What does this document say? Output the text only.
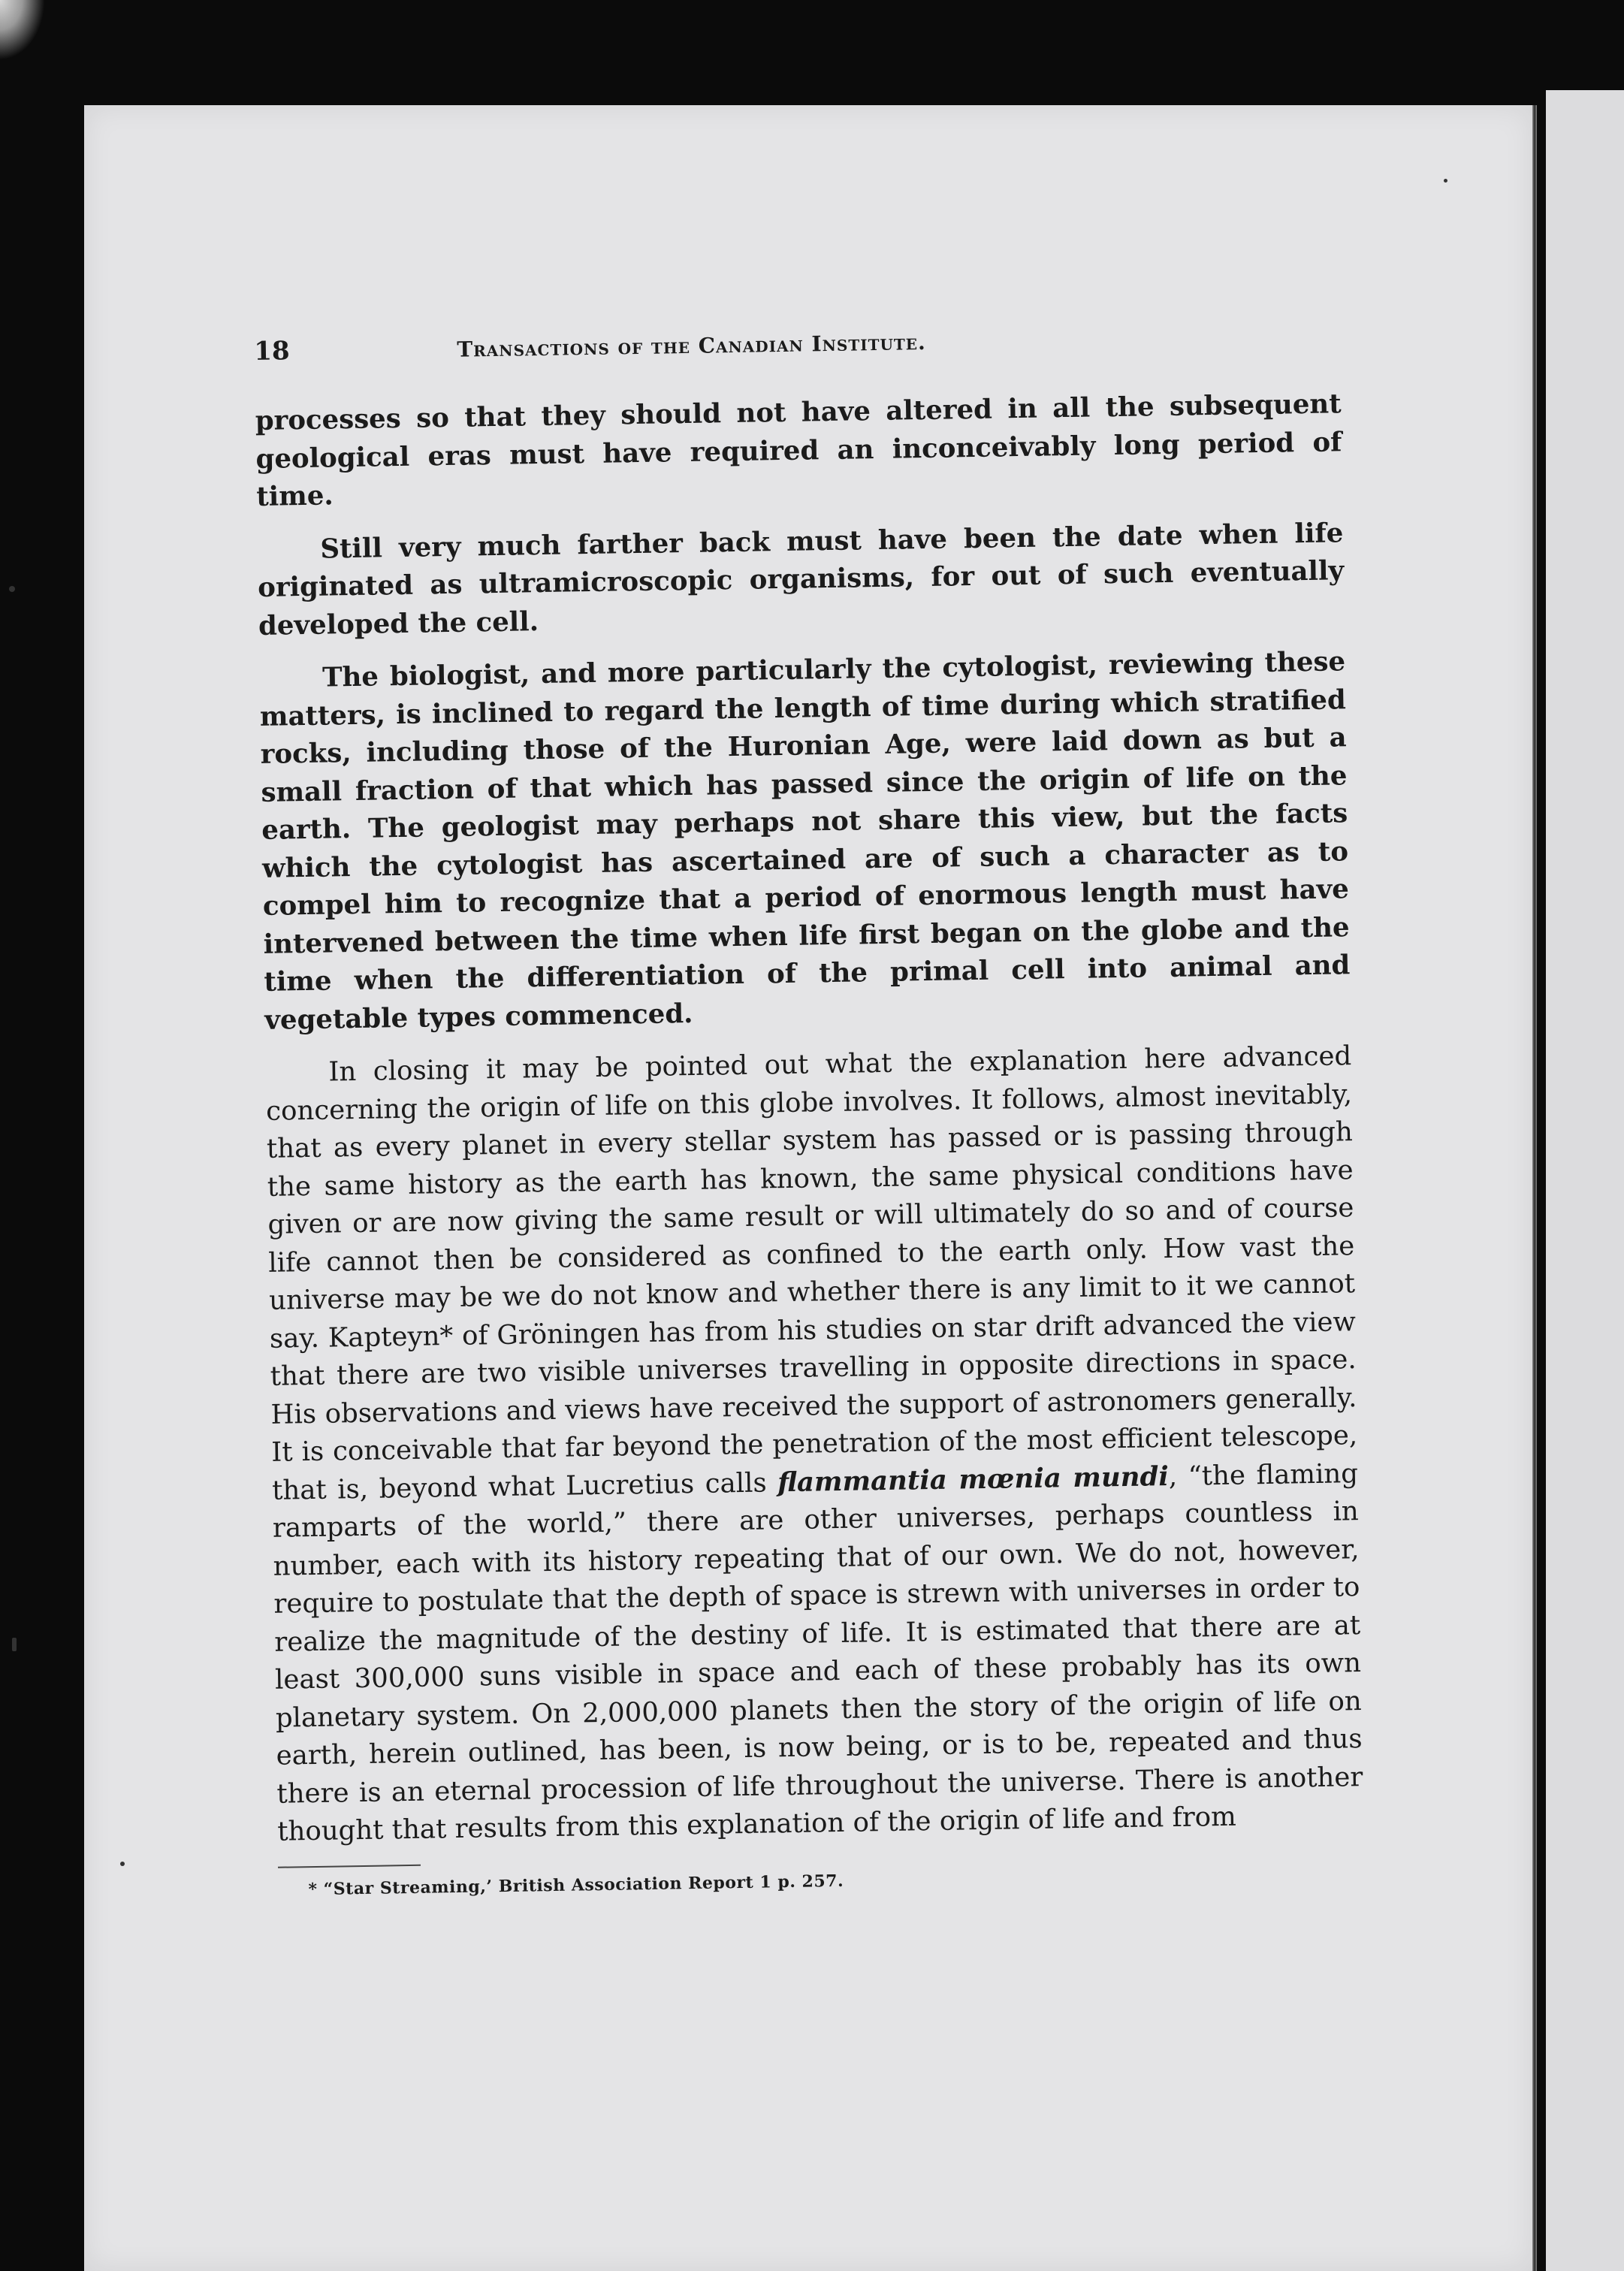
18	Transactions of the Canadian Institute.

processes so that they should not have altered in all the subsequent geological eras must have required an inconceivably long period of time.

Still very much farther back must have been the date when life originated as ultramicroscopic organisms, for out of such eventually developed the cell.

The biologist, and more particularly the cytologist, reviewing these matters, is inclined to regard the length of time during which stratified rocks, including those of the Huronian Age, were laid down as but a small fraction of that which has passed since the origin of life on the earth. The geologist may perhaps not share this view, but the facts which the cytologist has ascertained are of such a character as to compel him to recognize that a period of enormous length must have intervened between the time when life first began on the globe and the time when the differentiation of the primal cell into animal and vegetable types commenced.

In closing it may be pointed out what the explanation here advanced concerning the origin of life on this globe involves. It follows, almost inevitably, that as every planet in every stellar system has passed or is passing through the same history as the earth has known, the same physical conditions have given or are now giving the same result or will ultimately do so and of course life cannot then be considered as confined to the earth only. How vast the universe may be we do not know and whether there is any limit to it we cannot say. Kapteyn* of Gröningen has from his studies on star drift advanced the view that there are two visible universes travelling in opposite directions in space. His observations and views have received the support of astronomers generally. It is conceivable that far beyond the penetration of the most efficient telescope, that is, beyond what Lucretius calls flammantia mœnia mundi, “the flaming ramparts of the world,” there are other universes, perhaps countless in number, each with its history repeating that of our own. We do not, however, require to postulate that the depth of space is strewn with universes in order to realize the magnitude of the destiny of life. It is estimated that there are at least 300,000 suns visible in space and each of these probably has its own planetary system. On 2,000,000 planets then the story of the origin of life on earth, herein outlined, has been, is now being, or is to be, repeated and thus there is an eternal procession of life throughout the universe. There is another thought that results from this explanation of the origin of life and from

* “Star Streaming,’ British Association Report 1 p. 257.
